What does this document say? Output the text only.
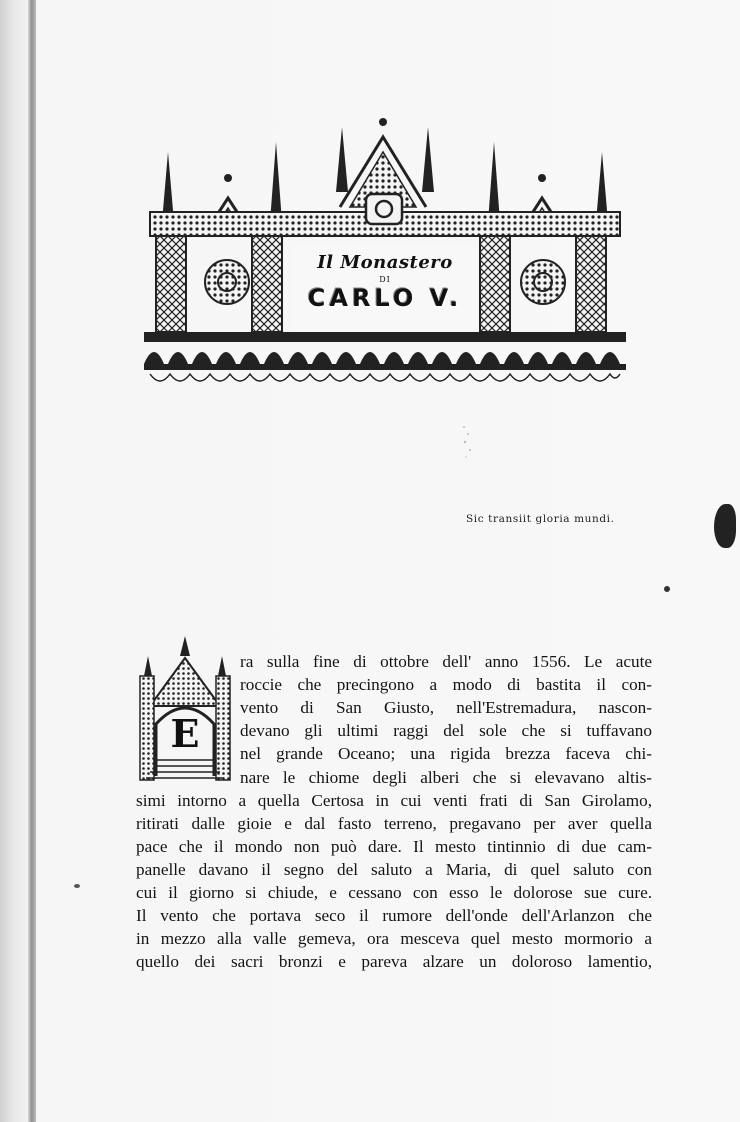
Il Monastero
DI
CARLO V.
Sic transiit gloria mundi.
E
ra sulla fine di ottobre dell' anno 1556. Le acute
roccie che precingono a modo di bastita il con-
vento di San Giusto, nell'Estremadura, nascon-
devano gli ultimi raggi del sole che si tuffavano
nel grande Oceano; una rigida brezza faceva chi-
nare le chiome degli alberi che si elevavano altis-
simi intorno a quella Certosa in cui venti frati di San Girolamo,
ritirati dalle gioie e dal fasto terreno, pregavano per aver quella
pace che il mondo non può dare. Il mesto tintinnio di due cam-
panelle davano il segno del saluto a Maria, di quel saluto con
cui il giorno si chiude, e cessano con esso le dolorose sue cure.
Il vento che portava seco il rumore dell'onde dell'Arlanzon che
in mezzo alla valle gemeva, ora mesceva quel mesto mormorio a
quello dei sacri bronzi e pareva alzare un doloroso lamentio,
